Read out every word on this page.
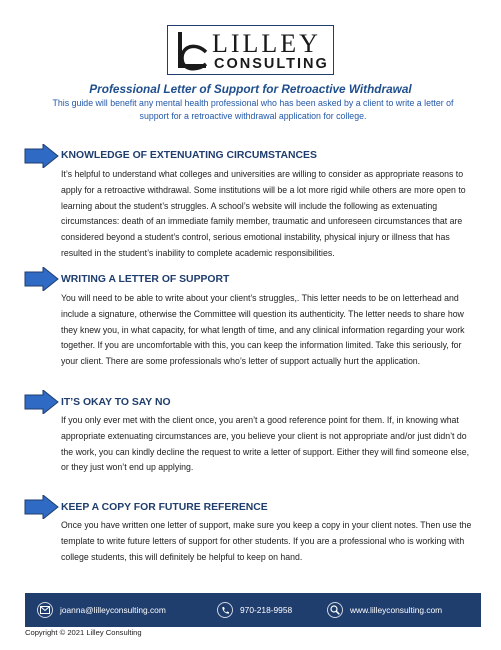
LILLEY
CONSULTING
Professional Letter of Support for Retroactive Withdrawal
This guide will benefit any mental health professional who has been asked by a client to write a letter of support for a retroactive withdrawal application for college.
KNOWLEDGE OF EXTENUATING CIRCUMSTANCES

It’s helpful to understand what colleges and universities are willing to consider as appropriate reasons to apply for a retroactive withdrawal. Some institutions will be a lot more rigid while others are more open to learning about the student’s struggles. A school’s website will include the following as extenuating circumstances: death of an immediate family member, traumatic and unforeseen circumstances that are considered beyond a student’s control, serious emotional instability, physical injury or illness that has resulted in the student’s inability to complete academic responsibilities.

WRITING A LETTER OF SUPPORT

You will need to be able to write about your client’s struggles,. This letter needs to be on letterhead and include a signature, otherwise the Committee will question its authenticity. The letter needs to share how they knew you, in what capacity, for what length of time, and any clinical information regarding your work together. If you are uncomfortable with this, you can keep the information limited. Take this seriously, for your client. There are some professionals who’s letter of support actually hurt the application.

IT’S OKAY TO SAY NO

If you only ever met with the client once, you aren’t a good reference point for them. If, in knowing what appropriate extenuating circumstances are, you believe your client is not appropriate and/or just didn’t do the work, you can kindly decline the request to write a letter of support. Either they will find someone else, or they just won’t end up applying.

KEEP A COPY FOR FUTURE REFERENCE

Once you have written one letter of support, make sure you keep a copy in your client notes. Then use the template to write future letters of support for other students. If you are a professional who is working with college students, this will definitely be helpful to keep on hand.

joanna@lilleyconsulting.com	970-218-9958	www.lilleyconsulting.com
Copyright © 2021 Lilley Consulting
